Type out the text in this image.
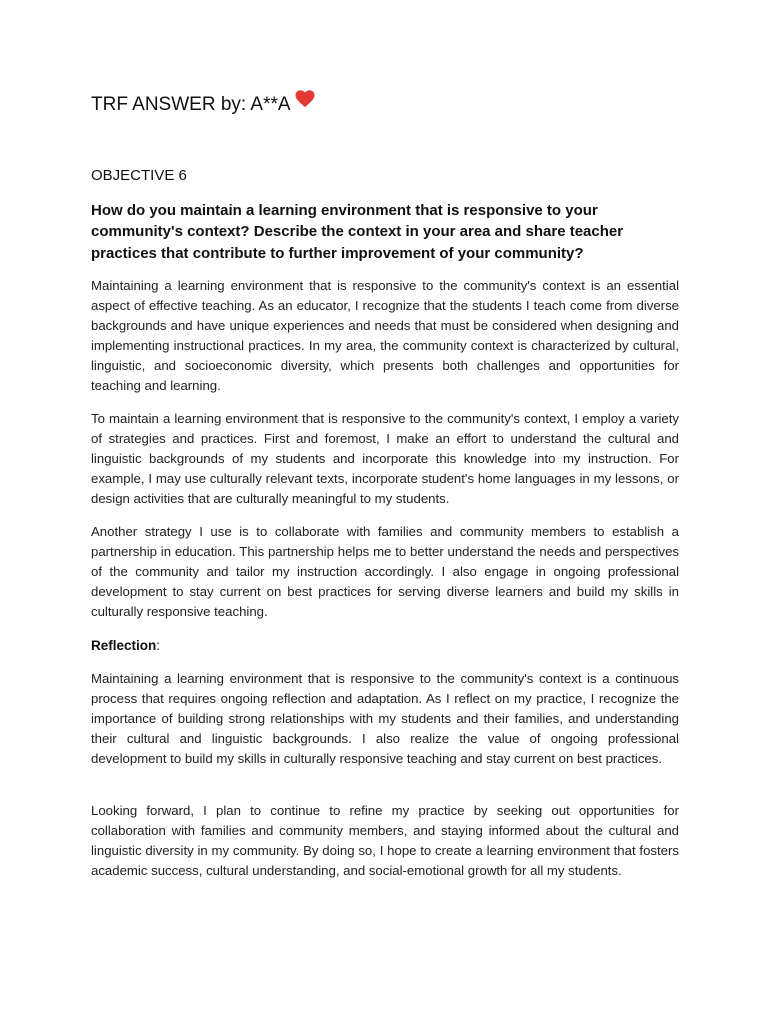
TRF ANSWER by: A**A
OBJECTIVE 6

How do you maintain a learning environment that is responsive to your community's context? Describe the context in your area and share teacher practices that contribute to further improvement of your community?

Maintaining a learning environment that is responsive to the community's context is an essential aspect of effective teaching. As an educator, I recognize that the students I teach come from diverse backgrounds and have unique experiences and needs that must be considered when designing and implementing instructional practices. In my area, the community context is characterized by cultural, linguistic, and socioeconomic diversity, which presents both challenges and opportunities for teaching and learning.

To maintain a learning environment that is responsive to the community's context, I employ a variety of strategies and practices. First and foremost, I make an effort to understand the cultural and linguistic backgrounds of my students and incorporate this knowledge into my instruction. For example, I may use culturally relevant texts, incorporate student's home languages in my lessons, or design activities that are culturally meaningful to my students.

Another strategy I use is to collaborate with families and community members to establish a partnership in education. This partnership helps me to better understand the needs and perspectives of the community and tailor my instruction accordingly. I also engage in ongoing professional development to stay current on best practices for serving diverse learners and build my skills in culturally responsive teaching.

Reflection:

Maintaining a learning environment that is responsive to the community's context is a continuous process that requires ongoing reflection and adaptation. As I reflect on my practice, I recognize the importance of building strong relationships with my students and their families, and understanding their cultural and linguistic backgrounds. I also realize the value of ongoing professional development to build my skills in culturally responsive teaching and stay current on best practices.

Looking forward, I plan to continue to refine my practice by seeking out opportunities for collaboration with families and community members, and staying informed about the cultural and linguistic diversity in my community. By doing so, I hope to create a learning environment that fosters academic success, cultural understanding, and social-emotional growth for all my students.
